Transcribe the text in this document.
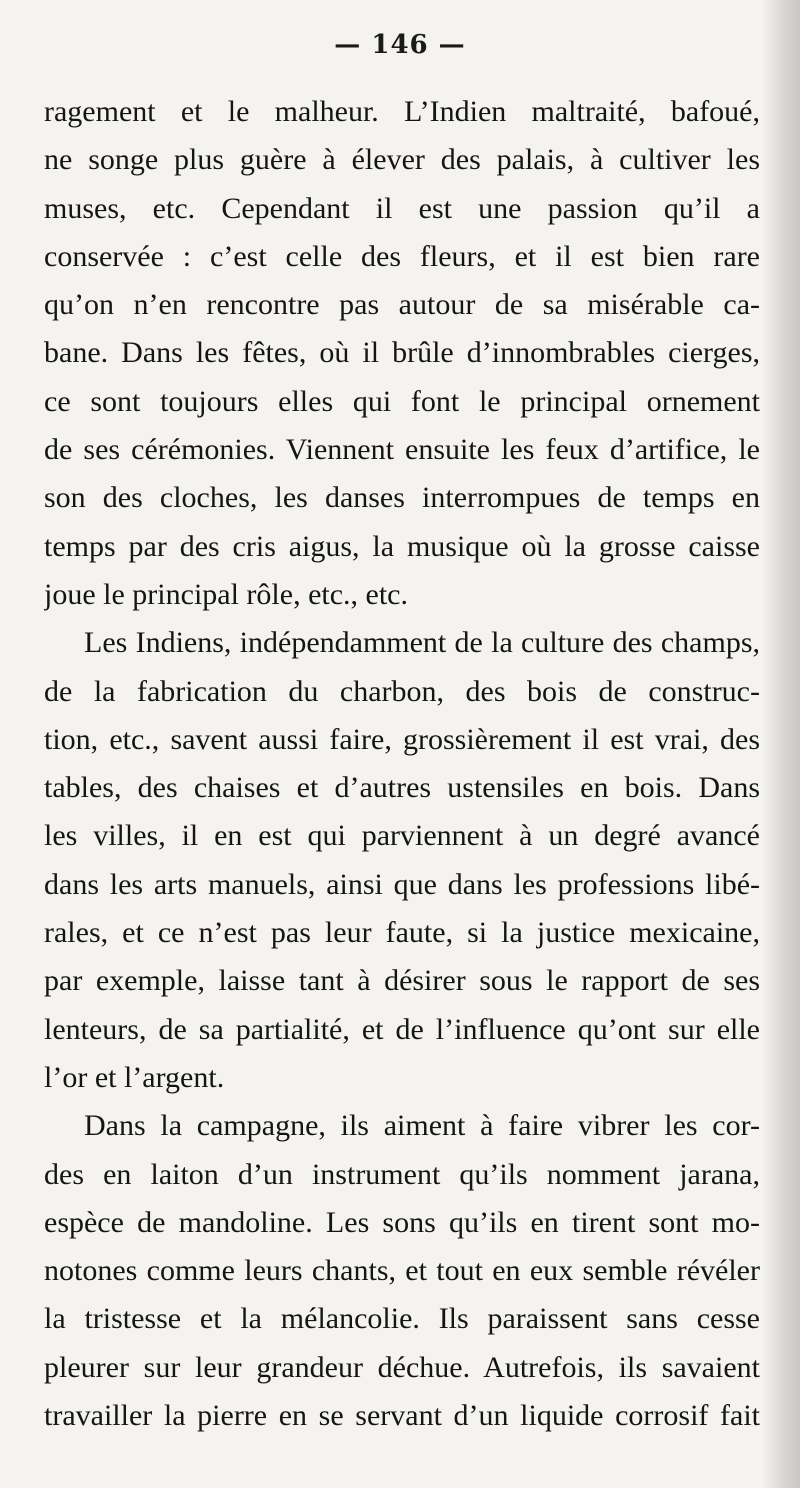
— 146 —
ragement et le malheur. L’Indien maltraité, bafoué,
ne songe plus guère à élever des palais, à cultiver les
muses, etc. Cependant il est une passion qu’il a
conservée : c’est celle des fleurs, et il est bien rare
qu’on n’en rencontre pas autour de sa misérable ca-
bane. Dans les fêtes, où il brûle d’innombrables cierges,
ce sont toujours elles qui font le principal ornement
de ses cérémonies. Viennent ensuite les feux d’artifice, le
son des cloches, les danses interrompues de temps en
temps par des cris aigus, la musique où la grosse caisse
joue le principal rôle, etc., etc.
Les Indiens, indépendamment de la culture des champs,
de la fabrication du charbon, des bois de construc-
tion, etc., savent aussi faire, grossièrement il est vrai, des
tables, des chaises et d’autres ustensiles en bois. Dans
les villes, il en est qui parviennent à un degré avancé
dans les arts manuels, ainsi que dans les professions libé-
rales, et ce n’est pas leur faute, si la justice mexicaine,
par exemple, laisse tant à désirer sous le rapport de ses
lenteurs, de sa partialité, et de l’influence qu’ont sur elle
l’or et l’argent.
Dans la campagne, ils aiment à faire vibrer les cor-
des en laiton d’un instrument qu’ils nomment jarana,
espèce de mandoline. Les sons qu’ils en tirent sont mo-
notones comme leurs chants, et tout en eux semble révéler
la tristesse et la mélancolie. Ils paraissent sans cesse
pleurer sur leur grandeur déchue. Autrefois, ils savaient
travailler la pierre en se servant d’un liquide corrosif fait
